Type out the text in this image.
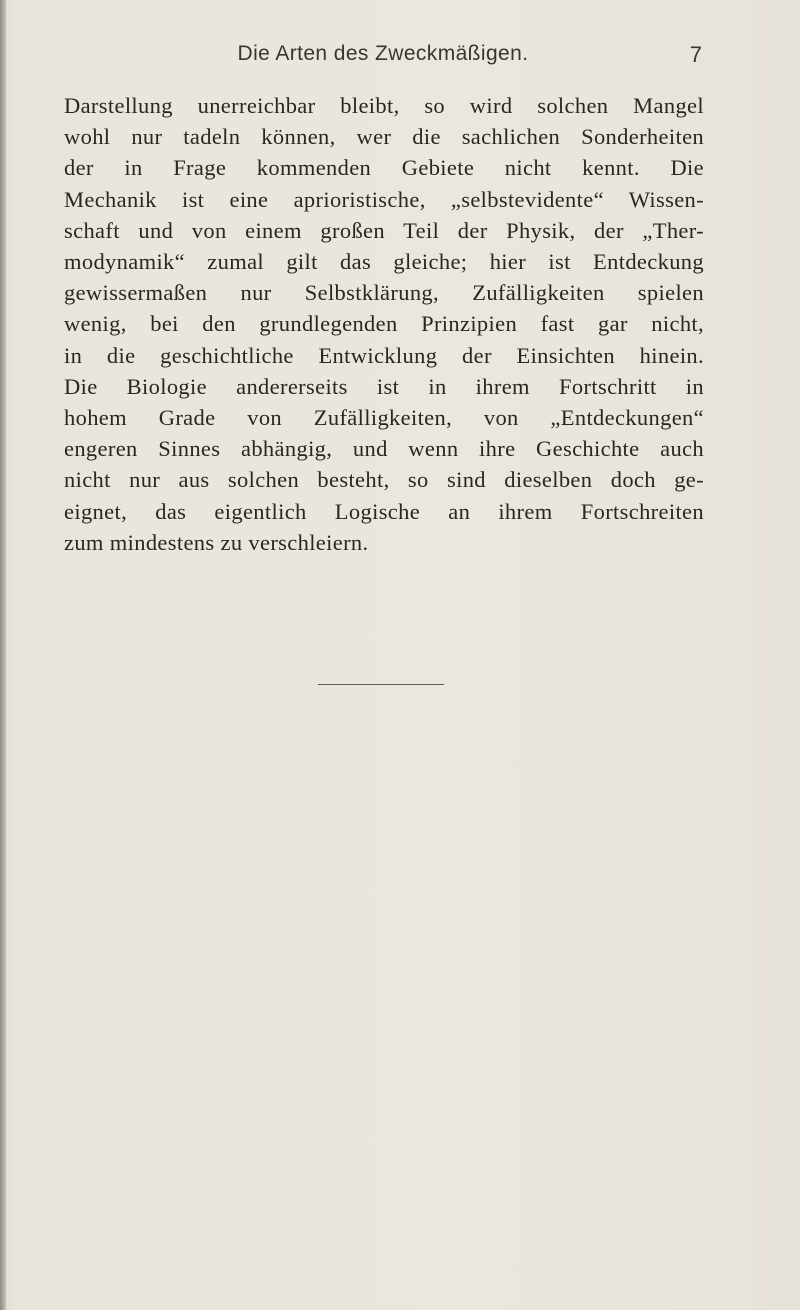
Die Arten des Zweckmäßigen.	7
Darstellung unerreichbar bleibt, so wird solchen Mangel
wohl nur tadeln können, wer die sachlichen Sonderheiten
der in Frage kommenden Gebiete nicht kennt. Die
Mechanik ist eine aprioristische, „selbstevidente“ Wissen-
schaft und von einem großen Teil der Physik, der „Ther-
modynamik“ zumal gilt das gleiche; hier ist Entdeckung
gewissermaßen nur Selbstklärung, Zufälligkeiten spielen
wenig, bei den grundlegenden Prinzipien fast gar nicht,
in die geschichtliche Entwicklung der Einsichten hinein.
Die Biologie andererseits ist in ihrem Fortschritt in
hohem Grade von Zufälligkeiten, von „Entdeckungen“
engeren Sinnes abhängig, und wenn ihre Geschichte auch
nicht nur aus solchen besteht, so sind dieselben doch ge-
eignet, das eigentlich Logische an ihrem Fortschreiten
zum mindestens zu verschleiern.
